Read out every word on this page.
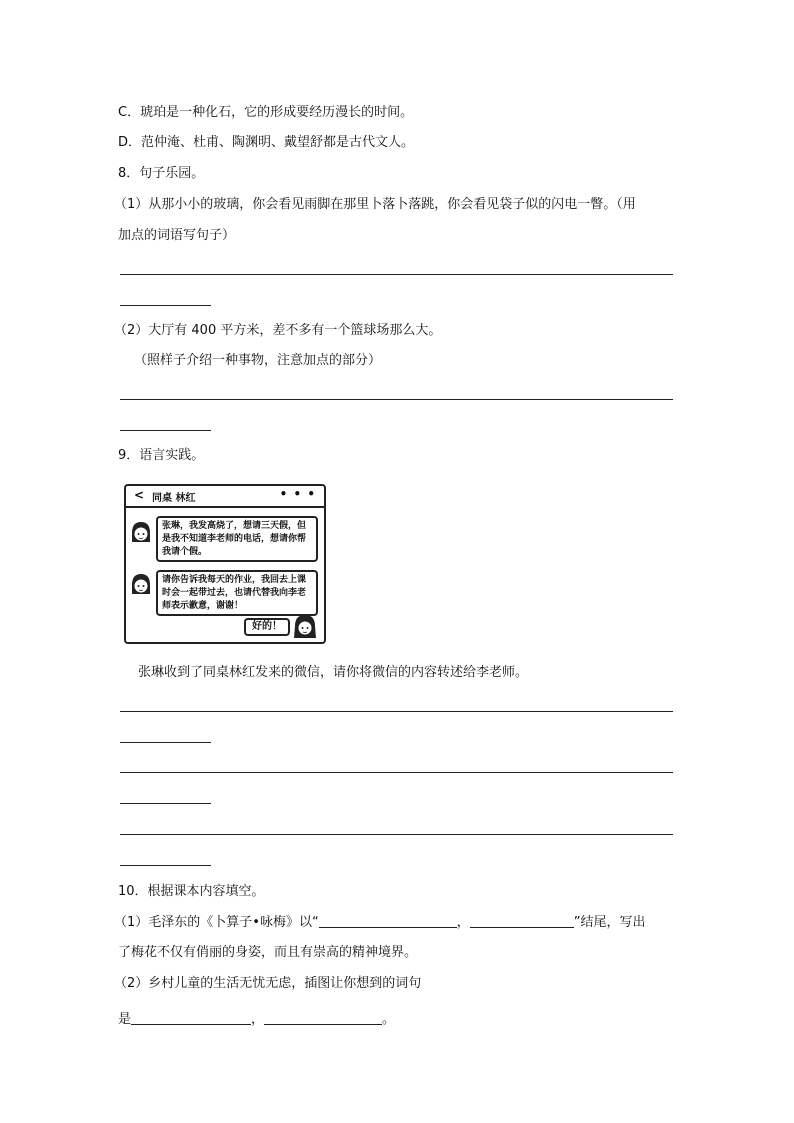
C．琥珀是一种化石，它的形成要经历漫长的时间。
D．范仲淹、杜甫、陶渊明、戴望舒都是古代文人。
8．句子乐园。
（1）从那小小的玻璃，你会看见雨脚在那里卜落卜落跳，你会看见袋子似的闪电一瞥。（用
加点的词语写句子）
（2）大厅有 400 平方米，差不多有一个篮球场那么大。
（照样子介绍一种事物，注意加点的部分）
9．语言实践。
< 同桌 林红	• • •
张琳，我发高烧了，想请三天假，但是我不知道李老师的电话，想请你帮我请个假。
请你告诉我每天的作业，我回去上课时会一起带过去，也请代替我向李老师表示歉意，谢谢！
好的！
张琳收到了同桌林红发来的微信，请你将微信的内容转述给李老师。
10．根据课本内容填空。
（1）毛泽东的《卜算子•咏梅》以“	，	”结尾，写出
了梅花不仅有俏丽的身姿，而且有崇高的精神境界。
（2）乡村儿童的生活无忧无虑，插图让你想到的词句
是	，	。
